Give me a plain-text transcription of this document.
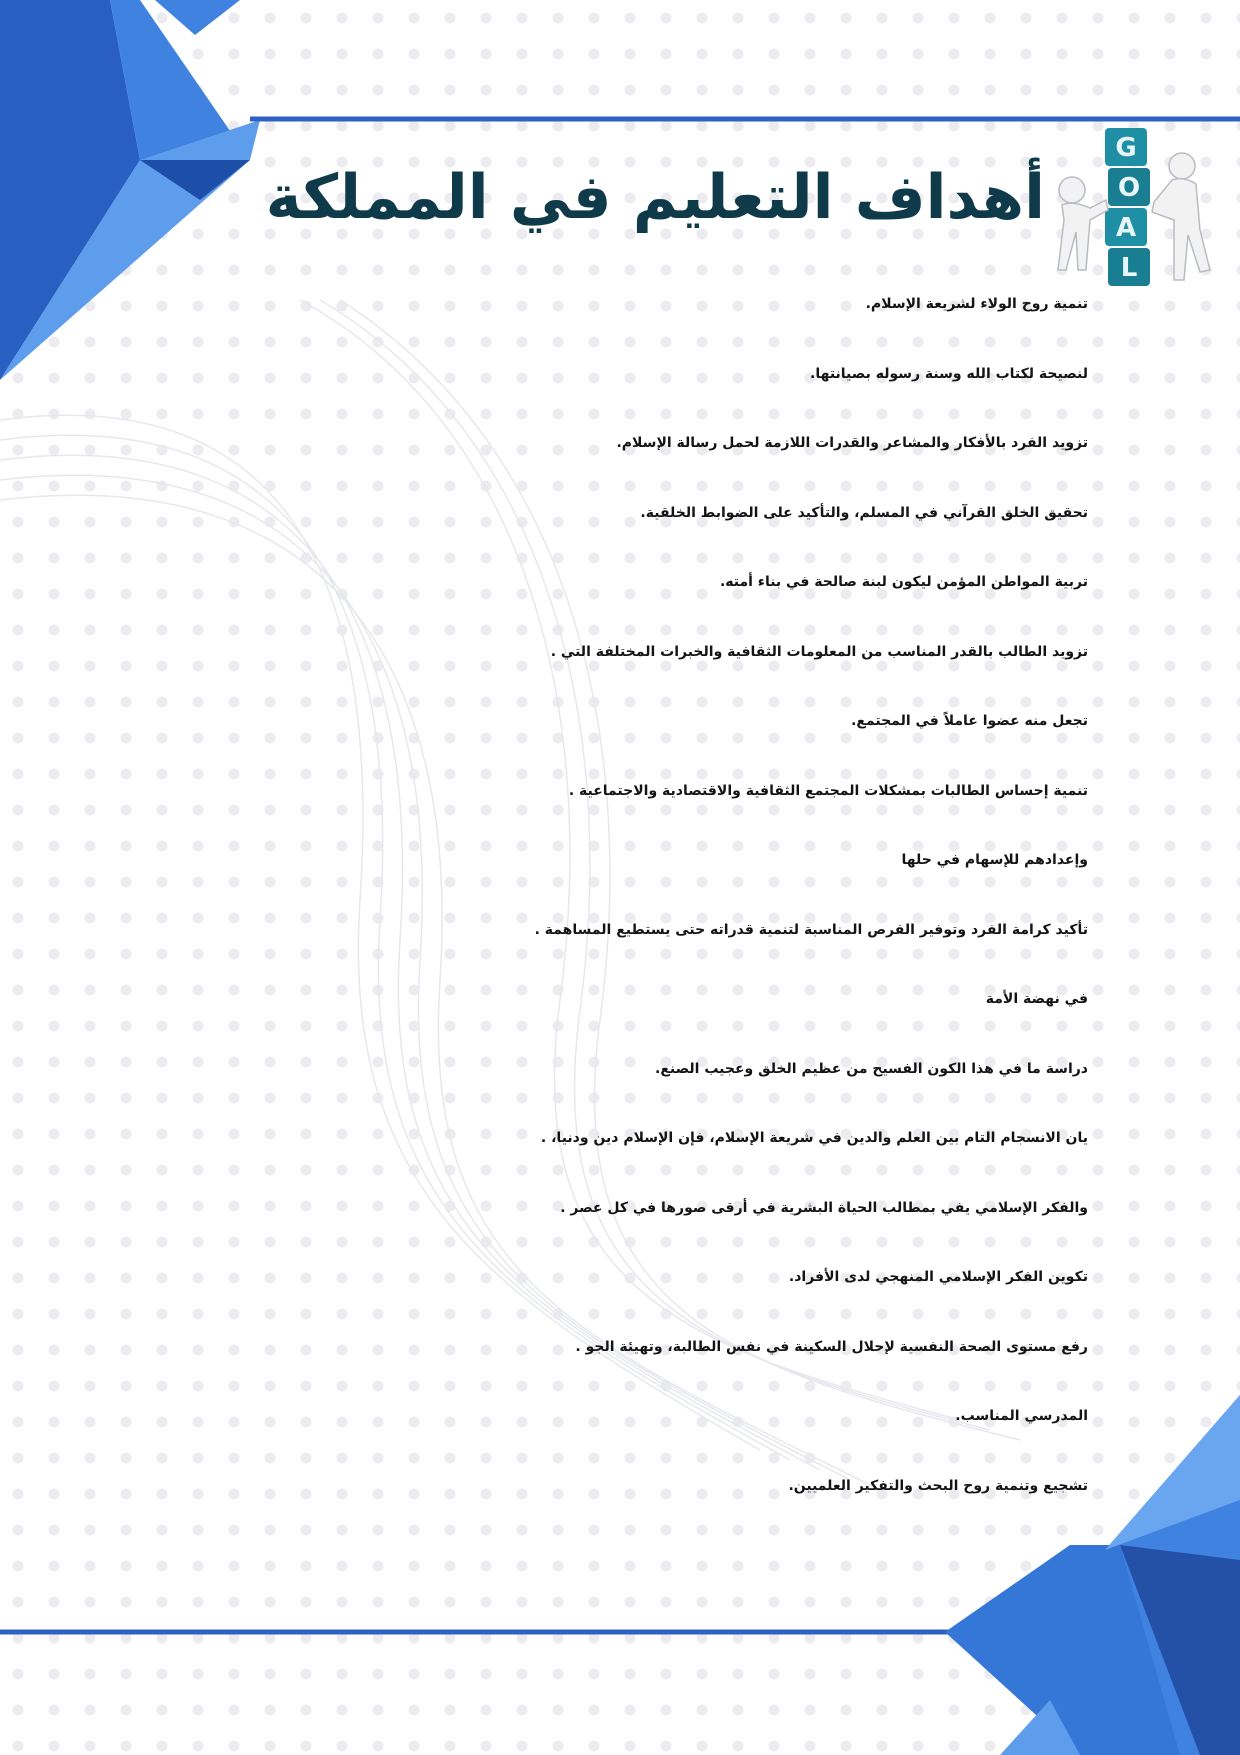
G
O
A
L
أهداف التعليم في المملكة
تنمية روح الولاء لشريعة الإسلام.
لنصيحة لكتاب الله وسنة رسوله بصيانتها.
تزويد الفرد بالأفكار والمشاعر والقدرات اللازمة لحمل رسالة الإسلام.
تحقيق الخلق القرآني في المسلم، والتأكيد على الضوابط الخلقية.
تربية المواطن المؤمن ليكون لبنة صالحة في بناء أمته.
تزويد الطالب بالقدر المناسب من المعلومات الثقافية والخبرات المختلفة التي .
تجعل منه عضوا عاملاً في المجتمع.
تنمية إحساس الطالبات بمشكلات المجتمع الثقافية والاقتصادية والاجتماعية .
وإعدادهم للإسهام في حلها
تأكيد كرامة الفرد وتوفير الفرص المناسبة لتنمية قدراته حتى يستطيع المساهمة .
في نهضة الأمة
دراسة ما في هذا الكون الفسيح من عظيم الخلق وعجيب الصنع.
يان الانسجام التام بين العلم والدين في شريعة الإسلام، فإن الإسلام دين ودنيا، .
والفكر الإسلامي يفي بمطالب الحياة البشرية في أرقى صورها في كل عصر .
تكوين الفكر الإسلامي المنهجي لدى الأفراد.
رفع مستوى الصحة النفسية لإحلال السكينة في نفس الطالبة، وتهيئة الجو .
المدرسي المناسب.
تشجيع وتنمية روح البحث والتفكير العلميين.
